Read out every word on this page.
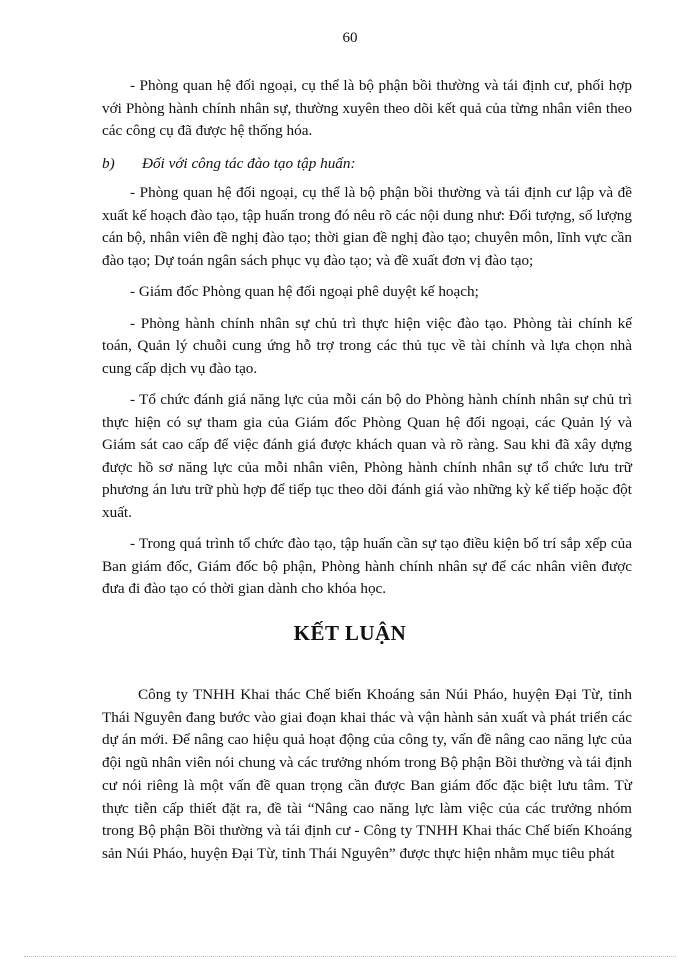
60

- Phòng quan hệ đối ngoại, cụ thể là bộ phận bồi thường và tái định cư, phối hợp với Phòng hành chính nhân sự, thường xuyên theo dõi kết quả của từng nhân viên theo các công cụ đã được hệ thống hóa.

b) Đối với công tác đào tạo tập huấn:

- Phòng quan hệ đối ngoại, cụ thể là bộ phận bồi thường và tái định cư lập và đề xuất kế hoạch đào tạo, tập huấn trong đó nêu rõ các nội dung như: Đối tượng, số lượng cán bộ, nhân viên đề nghị đào tạo; thời gian đề nghị đào tạo; chuyên môn, lĩnh vực cần đào tạo; Dự toán ngân sách phục vụ đào tạo; và đề xuất đơn vị đào tạo;

- Giám đốc Phòng quan hệ đối ngoại phê duyệt kế hoạch;

- Phòng hành chính nhân sự chủ trì thực hiện việc đào tạo. Phòng tài chính kế toán, Quản lý chuỗi cung ứng hỗ trợ trong các thủ tục về tài chính và lựa chọn nhà cung cấp dịch vụ đào tạo.

- Tổ chức đánh giá năng lực của mỗi cán bộ do Phòng hành chính nhân sự chủ trì thực hiện có sự tham gia của Giám đốc Phòng Quan hệ đối ngoại, các Quản lý và Giám sát cao cấp để việc đánh giá được khách quan và rõ ràng. Sau khi đã xây dựng được hồ sơ năng lực của mỗi nhân viên, Phòng hành chính nhân sự tổ chức lưu trữ phương án lưu trữ phù hợp để tiếp tục theo dõi đánh giá vào những kỳ kế tiếp hoặc đột xuất.

- Trong quá trình tổ chức đào tạo, tập huấn cần sự tạo điều kiện bố trí sắp xếp của Ban giám đốc, Giám đốc bộ phận, Phòng hành chính nhân sự để các nhân viên được đưa đi đào tạo có thời gian dành cho khóa học.

KẾT LUẬN

Công ty TNHH Khai thác Chế biến Khoáng sản Núi Pháo, huyện Đại Từ, tỉnh Thái Nguyên đang bước vào giai đoạn khai thác và vận hành sản xuất và phát triển các dự án mới. Để nâng cao hiệu quả hoạt động của công ty, vấn đề nâng cao năng lực của đội ngũ nhân viên nói chung và các trưởng nhóm trong Bộ phận Bồi thường và tái định cư nói riêng là một vấn đề quan trọng cần được Ban giám đốc đặc biệt lưu tâm. Từ thực tiễn cấp thiết đặt ra, đề tài “Nâng cao năng lực làm việc của các trưởng nhóm trong Bộ phận Bồi thường và tái định cư - Công ty TNHH Khai thác Chế biến Khoáng sản Núi Pháo, huyện Đại Từ, tỉnh Thái Nguyên” được thực hiện nhằm mục tiêu phát
